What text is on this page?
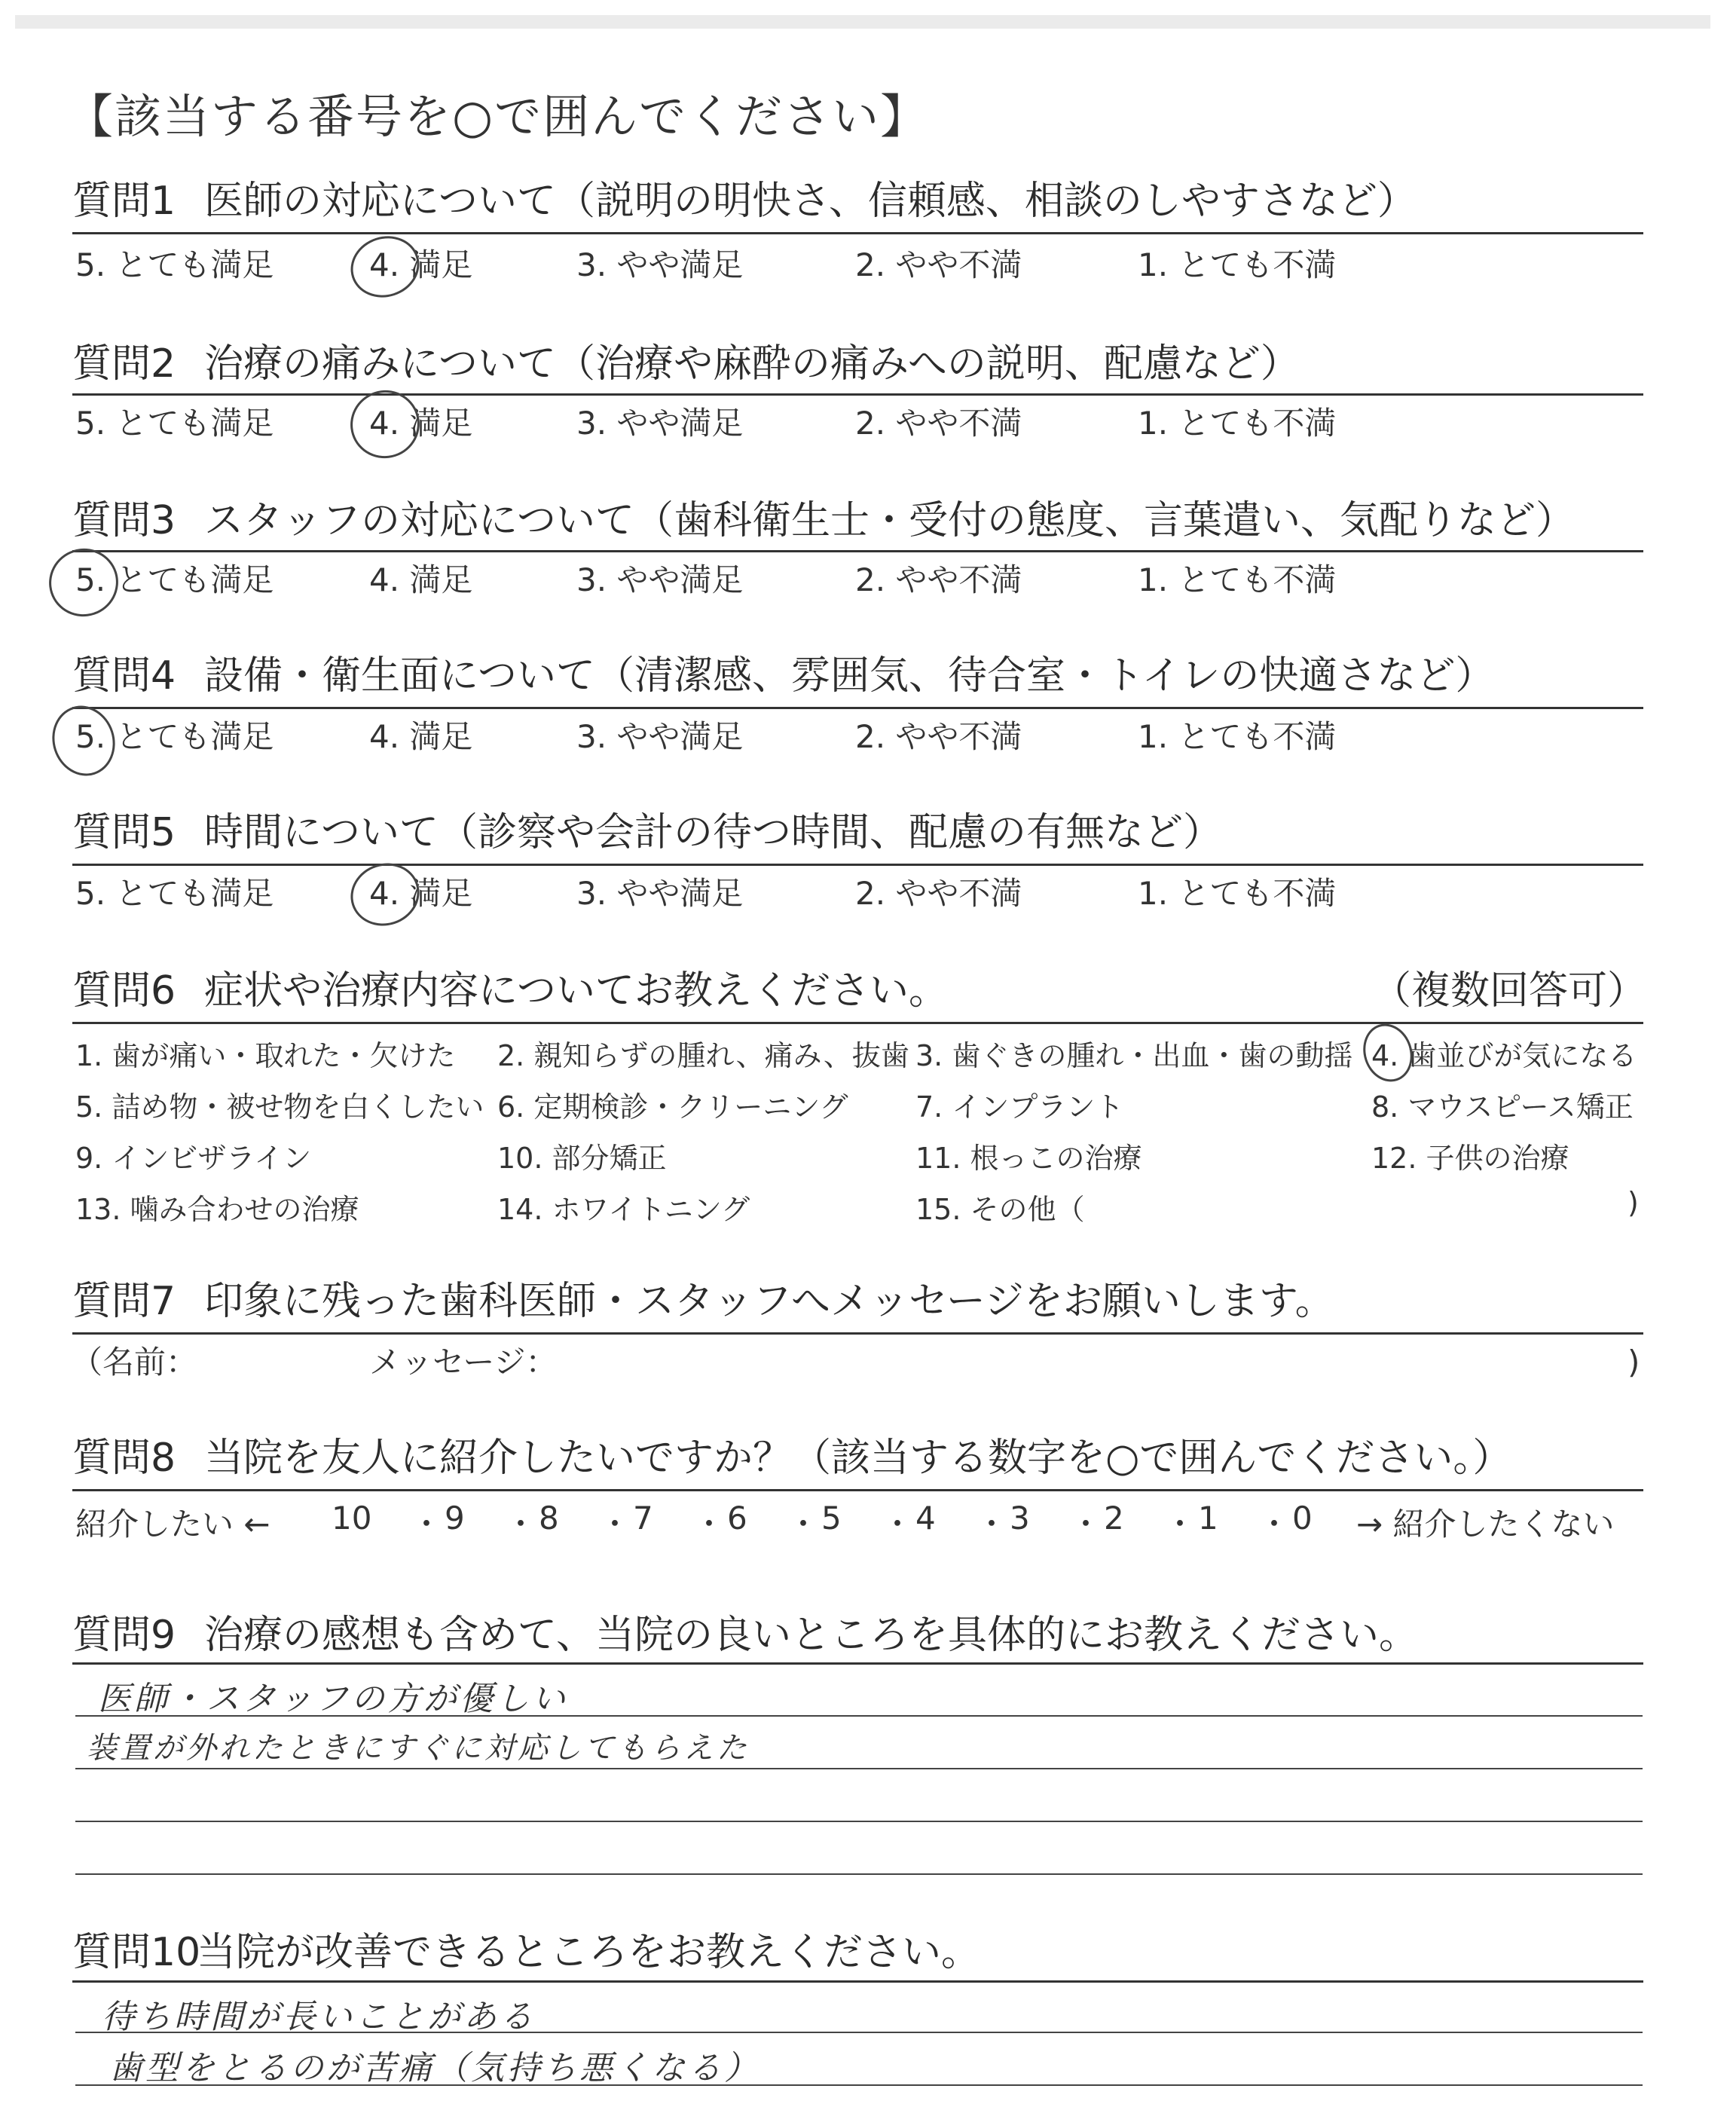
【該当する番号を○で囲んでください】
質問1 医師の対応について（説明の明快さ、信頼感、相談のしやすさなど）
5. とても満足	4. 満足	3. やや満足	2. やや不満	1. とても不満
質問2 治療の痛みについて（治療や麻酔の痛みへの説明、配慮など）
5. とても満足	4. 満足	3. やや満足	2. やや不満	1. とても不満
質問3 スタッフの対応について（歯科衛生士・受付の態度、言葉遣い、気配りなど）
5. とても満足	4. 満足	3. やや満足	2. やや不満	1. とても不満
質問4 設備・衛生面について（清潔感、雰囲気、待合室・トイレの快適さなど）
5. とても満足	4. 満足	3. やや満足	2. やや不満	1. とても不満
質問5 時間について（診察や会計の待つ時間、配慮の有無など）
5. とても満足	4. 満足	3. やや満足	2. やや不満	1. とても不満
質問6 症状や治療内容についてお教えください。	（複数回答可）
1. 歯が痛い・取れた・欠けた 2. 親知らずの腫れ、痛み、抜歯 3. 歯ぐきの腫れ・出血・歯の動揺 4. 歯並びが気になる
5. 詰め物・被せ物を白くしたい 6. 定期検診・クリーニング 7. インプラント	8. マウスピース矯正
9. インビザライン	10. 部分矯正	11. 根っこの治療	12. 子供の治療
13. 噛み合わせの治療	14. ホワイトニング	15. その他（	)
質問7 印象に残った歯科医師・スタッフへメッセージをお願いします。
（名前：	メッセージ：	)
質問8 当院を友人に紹介したいですか？（該当する数字を○で囲んでください。）
紹介したい ← 10 ・ 9 ・ 8 ・ 7 ・ 6 ・ 5 ・ 4 ・ 3 ・ 2 ・ 1 ・ 0 → 紹介したくない
質問9 治療の感想も含めて、当院の良いところを具体的にお教えください。
医師・スタッフの方が優しい
装置が外れたときにすぐに対応してもらえた
質問10当院が改善できるところをお教えください。
待ち時間が長いことがある
歯型をとるのが苦痛（気持ち悪くなる）
